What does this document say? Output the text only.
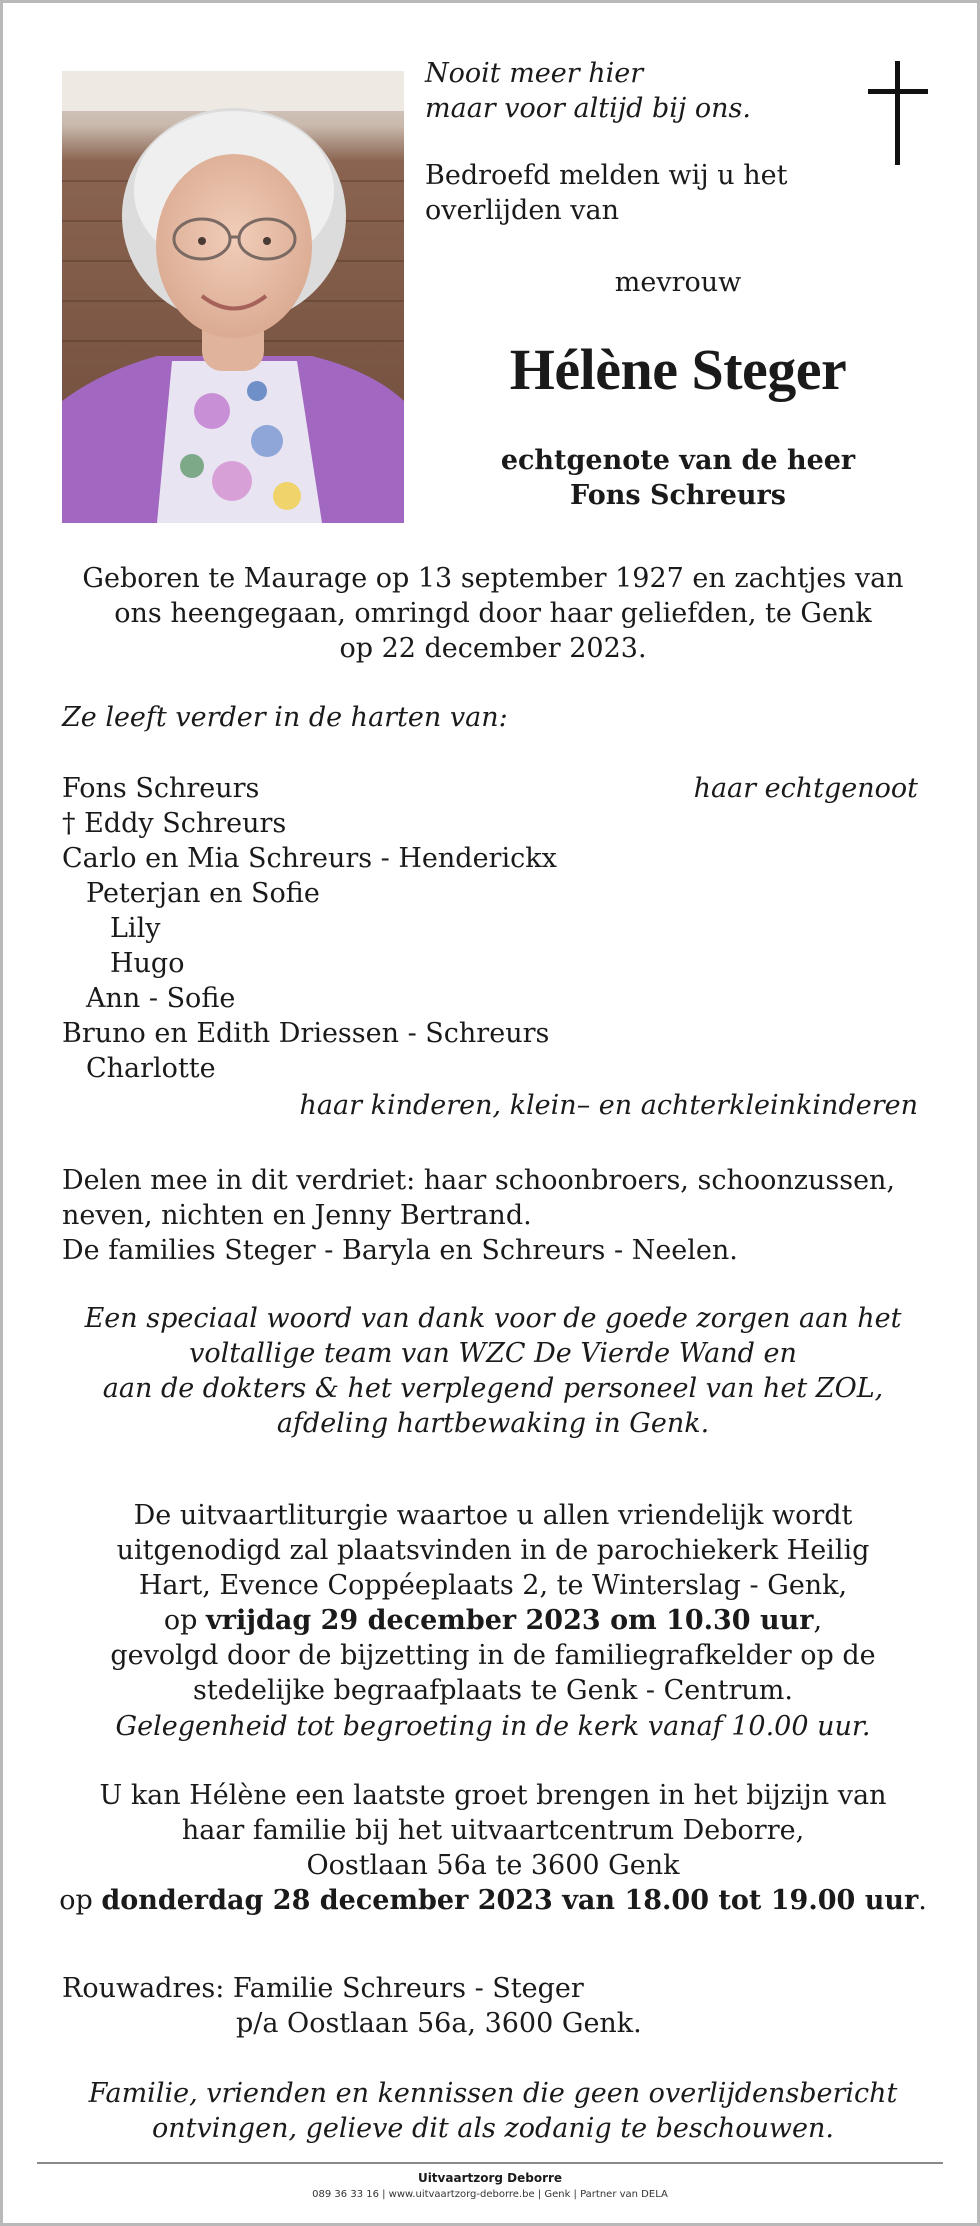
Nooit meer hier

maar voor altijd bij ons.

Bedroefd melden wij u het

overlijden van

mevrouw

Hélène Steger

echtgenote van de heer

Fons Schreurs

Geboren te Maurage op 13 september 1927 en zachtjes van

ons heengegaan, omringd door haar geliefden, te Genk

op 22 december 2023.

Ze leeft verder in de harten van:

Fons Schreurs	haar echtgenoot
† Eddy Schreurs
Carlo en Mia Schreurs - Henderickx
Peterjan en Sofie
Lily
Hugo
Ann - Sofie
Bruno en Edith Driessen - Schreurs
Charlotte
haar kinderen, klein– en achterkleinkinderen

Delen mee in dit verdriet: haar schoonbroers, schoonzussen,

neven, nichten en Jenny Bertrand.

De families Steger - Baryla en Schreurs - Neelen.

Een speciaal woord van dank voor de goede zorgen aan het

voltallige team van WZC De Vierde Wand en

aan de dokters & het verplegend personeel van het ZOL,

afdeling hartbewaking in Genk.

De uitvaartliturgie waartoe u allen vriendelijk wordt

uitgenodigd zal plaatsvinden in de parochiekerk Heilig

Hart, Evence Coppéeplaats 2, te Winterslag - Genk,

op vrijdag 29 december 2023 om 10.30 uur,

gevolgd door de bijzetting in de familiegrafkelder op de

stedelijke begraafplaats te Genk - Centrum.

Gelegenheid tot begroeting in de kerk vanaf 10.00 uur.

U kan Hélène een laatste groet brengen in het bijzijn van

haar familie bij het uitvaartcentrum Deborre,

Oostlaan 56a te 3600 Genk

op donderdag 28 december 2023 van 18.00 tot 19.00 uur.

Rouwadres: Familie Schreurs - Steger

p/a Oostlaan 56a, 3600 Genk.

Familie, vrienden en kennissen die geen overlijdensbericht

ontvingen, gelieve dit als zodanig te beschouwen.

Uitvaartzorg Deborre
089 36 33 16 | www.uitvaartzorg-deborre.be | Genk | Partner van DELA
